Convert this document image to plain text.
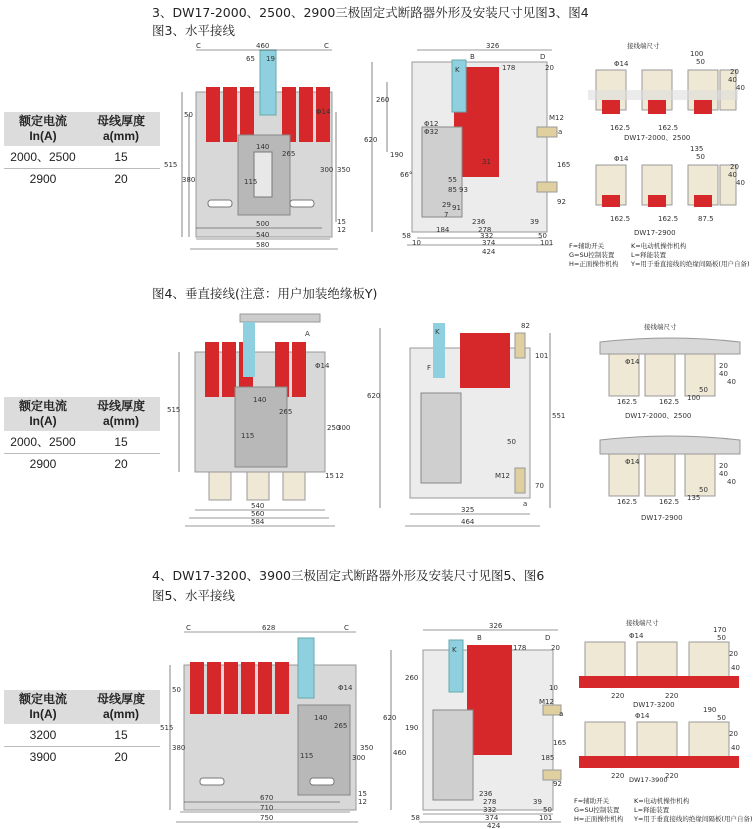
3、DW17-2000、2500、2900三极固定式断路器外形及安装尺寸见图3、图4
图3、水平接线
额定电流
In(A)	母线厚度
a(mm)
2000、2500	15
2900	20
460
C	C
65 19
Φ14
140
265
115
515
380
50
350
300
15
12
500
540
580
326
B
178
D
20
K
M12
a
620
260
190
66°
Φ12
Φ32
31
93
91
85
29
55
7
236
278
39
184
332
374
58
424
50
101
10
165
92
接线端尺寸
100
50
Φ14
40
40
20
162.5	162.5
DW17-2000、2500
135
50
Φ14
40
40
20
162.5	162.5	87.5
DW17-2900
F=辅助开关	K=电动机操作机构
G=SU控制装置	L=释能装置
H=正面操作机构 Y=用于垂直接线的绝缘间隔板(用户自备)
图4、垂直接线(注意：用户加装绝缘板Y)
额定电流
In(A)	母线厚度
a(mm)
2000、2500	15
2900	20
A
Φ14
140
265
115
515
250
300
15 12
540
560
584
K
82
101
620
551
50
M12
70
a
325
464
F
接线端尺寸
Φ14
40
40
20
162.5	162.5 100
50
DW17-2000、2500
Φ14
40
40
20
162.5	162.5 135
50
DW17-2900
4、DW17-3200、3900三极固定式断路器外形及安装尺寸见图5、图6
图5、水平接线
额定电流
In(A)	母线厚度
a(mm)
3200	15
3900	20
628
C	C
Φ14
140
265
115
515
380
50
350
300
15
12
670
710
750
326
B
178
D
20
K
M12
a
620
460
190
260
10
165
185
92
236
278
332
374
39
101
58
424
50
接线端尺寸
170
50
Φ14
20
40
220	220
DW17-3200
190
50
Φ14
20
40
220	220
DW17-3900
F=辅助开关	K=电动机操作机构
G=SU控制装置 L=释能装置
H=正面操作机构 Y=用于垂直接线的绝缘间隔板(用户自备)
